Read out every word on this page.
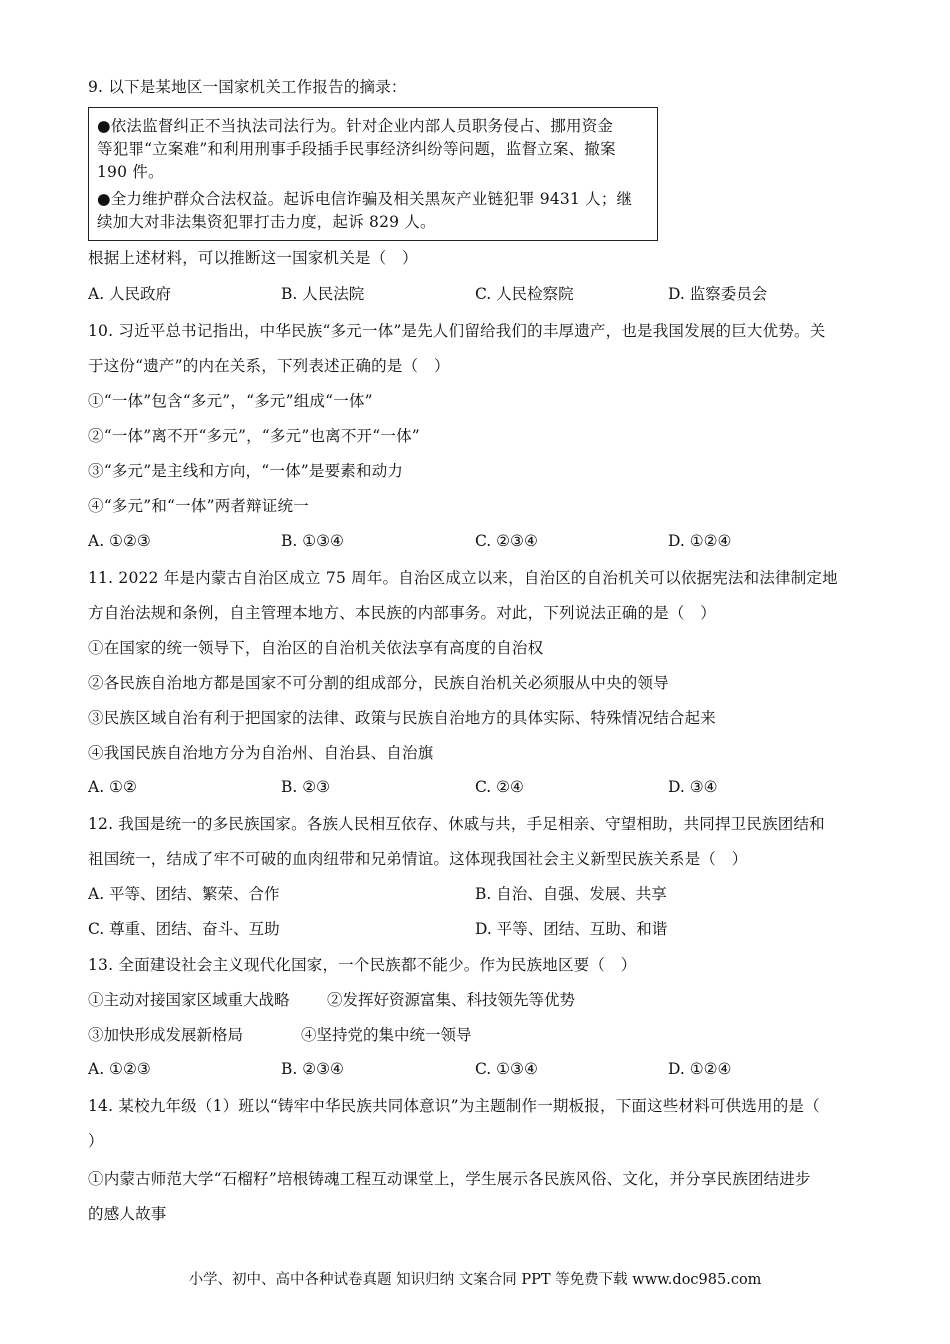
9. 以下是某地区一国家机关工作报告的摘录：
●依法监督纠正不当执法司法行为。针对企业内部人员职务侵占、挪用资金
等犯罪“立案难”和利用刑事手段插手民事经济纠纷等问题，监督立案、撤案
190 件。
●全力维护群众合法权益。起诉电信诈骗及相关黑灰产业链犯罪 9431 人；继
续加大对非法集资犯罪打击力度，起诉 829 人。
根据上述材料，可以推断这一国家机关是（　）
A. 人民政府	B. 人民法院	C. 人民检察院	D. 监察委员会
10. 习近平总书记指出，中华民族“多元一体”是先人们留给我们的丰厚遗产，也是我国发展的巨大优势。关
于这份“遗产”的内在关系，下列表述正确的是（　）
①“一体”包含“多元”，“多元”组成“一体”
②“一体”离不开“多元”，“多元”也离不开“一体”
③“多元”是主线和方向，“一体”是要素和动力
④“多元”和“一体”两者辩证统一
A. ①②③	B. ①③④	C. ②③④	D. ①②④
11. 2022 年是内蒙古自治区成立 75 周年。自治区成立以来，自治区的自治机关可以依据宪法和法律制定地
方自治法规和条例，自主管理本地方、本民族的内部事务。对此，下列说法正确的是（　）
①在国家的统一领导下，自治区的自治机关依法享有高度的自治权
②各民族自治地方都是国家不可分割的组成部分，民族自治机关必须服从中央的领导
③民族区域自治有利于把国家的法律、政策与民族自治地方的具体实际、特殊情况结合起来
④我国民族自治地方分为自治州、自治县、自治旗
A. ①②	B. ②③	C. ②④	D. ③④
12. 我国是统一的多民族国家。各族人民相互依存、休戚与共，手足相亲、守望相助，共同捍卫民族团结和
祖国统一，结成了牢不可破的血肉纽带和兄弟情谊。这体现我国社会主义新型民族关系是（　）
A. 平等、团结、繁荣、合作	B. 自治、自强、发展、共享
C. 尊重、团结、奋斗、互助	D. 平等、团结、互助、和谐
13. 全面建设社会主义现代化国家，一个民族都不能少。作为民族地区要（　）
①主动对接国家区域重大战略 ②发挥好资源富集、科技领先等优势
③加快形成发展新格局	④坚持党的集中统一领导
A. ①②③	B. ②③④	C. ①③④	D. ①②④
14. 某校九年级（1）班以“铸牢中华民族共同体意识”为主题制作一期板报，下面这些材料可供选用的是（
）
①内蒙古师范大学“石榴籽”培根铸魂工程互动课堂上，学生展示各民族风俗、文化，并分享民族团结进步
的感人故事
小学、初中、高中各种试卷真题 知识归纳 文案合同 PPT 等免费下载 www.doc985.com
